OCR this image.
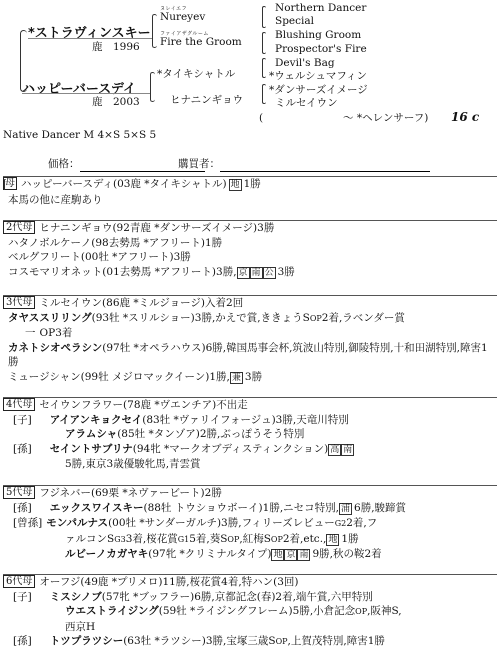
ヌレイエフ
Nureyev
ファイアザグルーム
Fire the Groom
*ストラヴィンスキー
鹿　1996
ハッピーバースデイ
鹿　2003
*タイキシャトル
ヒナニンギョウ
Northern Dancer
Special
Blushing Groom
Prospector's Fire
Devil's Bag
*ウェルシュマフィン
*ダンサーズイメージ
ミルセイウン
(	～ *ヘレンサーフ) 16 c
Native Dancer M 4×S 5×S 5
価格：	購買者：
母 ハッピーバースディ(03鹿 *タイキシャトル) 地 1勝
本馬の他に産駒あり
2代母 ヒナニンギョウ(92青鹿 *ダンサーズイメージ)3勝
ハタノボルケーノ(98去勢馬 *アフリート)1勝
ベルグフリート(00牡 *アフリート)3勝
コスモマリオネット(01去勢馬 *アフリート)3勝, 京 南 公 3勝
3代母 ミルセイウン(86鹿 *ミルジョージ)入着2回
タヤススリリング(93牡 *スリルショー)3勝,かえで賞,ききょうSOP2着,ラベンダー賞
一 OP3着
カネトシオペラシン(97牡 *オペラハウス)6勝,韓国馬事会杯,筑波山特別,御陵特別,十和田湖特別,障害1勝
ミュージシャン(99牡 メジロマックイーン)1勝, 兼 3勝
4代母 セイウンフラワー(78鹿 *ヴエンチア)不出走
[子] アイアンキョクセイ(83牡 *ヴァリイフォージュ)3勝,天竜川特別
アラムシャ(85牡 *タンゾア)2勝,ぶっぽうそう特別
[孫] セイントサブリナ(94牝 *マークオブディスティンクション) 高 南
5勝,東京3歳優駿牝馬,青雲賞
5代母 フジネバー(69栗 *ネヴァービート)2勝
[孫] エックスワイスキー(88牡 トウショウボーイ)1勝,ニセコ特別, 浦 6勝,駿蹄賞
[曾孫] モンパルナス(00牡 *サンダーガルチ)3勝,フィリーズレビューG22着,フ
ァルコンSG33着,桜花賞G15着,葵SOP,紅梅SOP2着,etc., 地 1勝
ルビーノカガヤキ(97牝 *クリミナルタイプ) 地 京 南 9勝,秋の鞍2着
6代母 オーフジ(49鹿 *プリメロ)11勝,桜花賞4着,特ハン(3回)
[子] ミスシノブ(57牝 *ブッフラー)6勝,京都記念(春)2着,端午賞,六甲特別
ウエストライジング(59牡 *ライジングフレーム)5勝,小倉記念OP,阪神S,
西京H
[孫] トツプラツシー(63牡 *ラツシー)3勝,宝塚三歳SOP,上賀茂特別,障害1勝
